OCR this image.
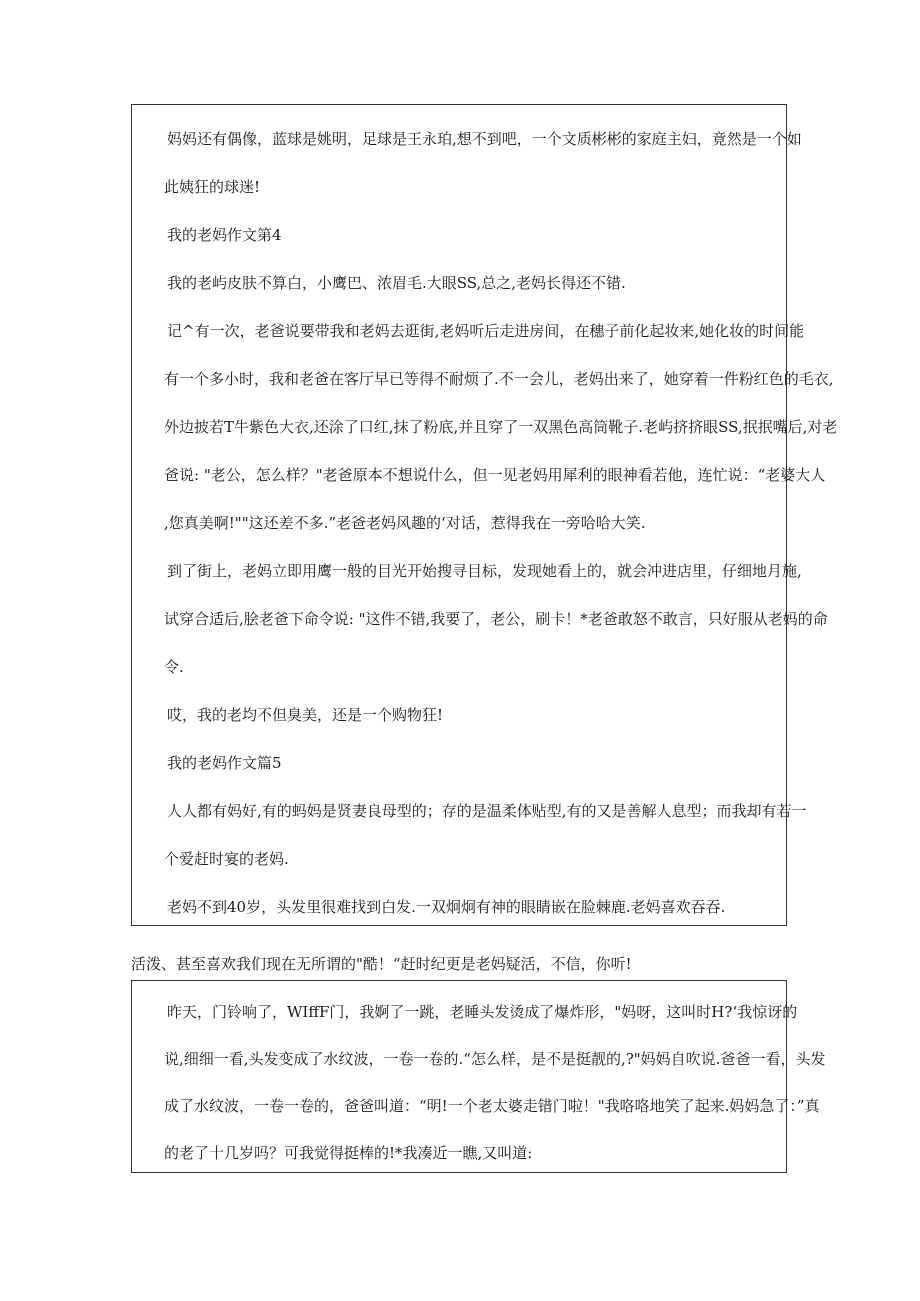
妈妈还有偶像，蓝球是姚明，足球是王永珀,想不到吧，一个文质彬彬的家庭主妇，竟然是一个如

此姨狂的球迷!

我的老妈作文第4

我的老屿皮肤不算白，小鹰巴、浓眉毛.大眼SS,总之,老妈长得还不错.

记^有一次，老爸说要带我和老妈去逛街,老妈听后走进房间，在穗子前化起妆来,她化妆的时间能

有一个多小时，我和老爸在客厅早已等得不耐烦了.不一会儿，老妈出来了，她穿着一件粉红色的毛衣,

外边披若T牛紫色大衣,还涂了口红,抹了粉底,并且穿了一双黑色高筒靴子.老屿挤挤眼SS,抿抿嘴后,对老

爸说: "老公，怎么样？"老爸原本不想说什么，但一见老妈用犀利的眼神看若他，连忙说：“老婆大人

,您真美啊!""这还差不多.”老爸老妈风趣的‘对话，惹得我在一旁哈哈大笑.

到了街上，老妈立即用鹰一般的目光开始搜寻目标，发现她看上的，就会冲进店里，仔细地月施,

试穿合适后,脍老爸下命令说: "这件不错,我要了，老公，刷卡！*老爸敢怒不敢言，只好服从老妈的命

令.

哎，我的老均不但臭美，还是一个购物狂!

我的老妈作文篇5

人人都有妈好,有的蚂妈是贤妻良母型的；存的是温柔体贴型,有的又是善解人息型；而我却有若一

个爱赶时宴的老妈.

老妈不到40岁，头发里很难找到白发.一双炯炯有神的眼睛嵌在脸棘鹿.老妈喜欢吞吞.

活泼、甚至喜欢我们现在无所谓的"酷！“赶时纪更是老妈疑活，不信，你听!

昨天，门铃响了，WIffF门，我婀了一跳，老睡头发烫成了爆炸形，"妈呀，这叫时H?‘我惊讶的

说,细细一看,头发变成了水纹波，一卷一卷的.“怎么样，是不是挺靓的,?"妈妈自吹说.爸爸一看，头发

成了水纹波，一卷一卷的，爸爸叫道：“明!一个老太婆走错门啦！"我咯咯地笑了起来.妈妈急了：”真

的老了十几岁吗？可我觉得挺棒的!*我凑近一瞧,又叫道:
